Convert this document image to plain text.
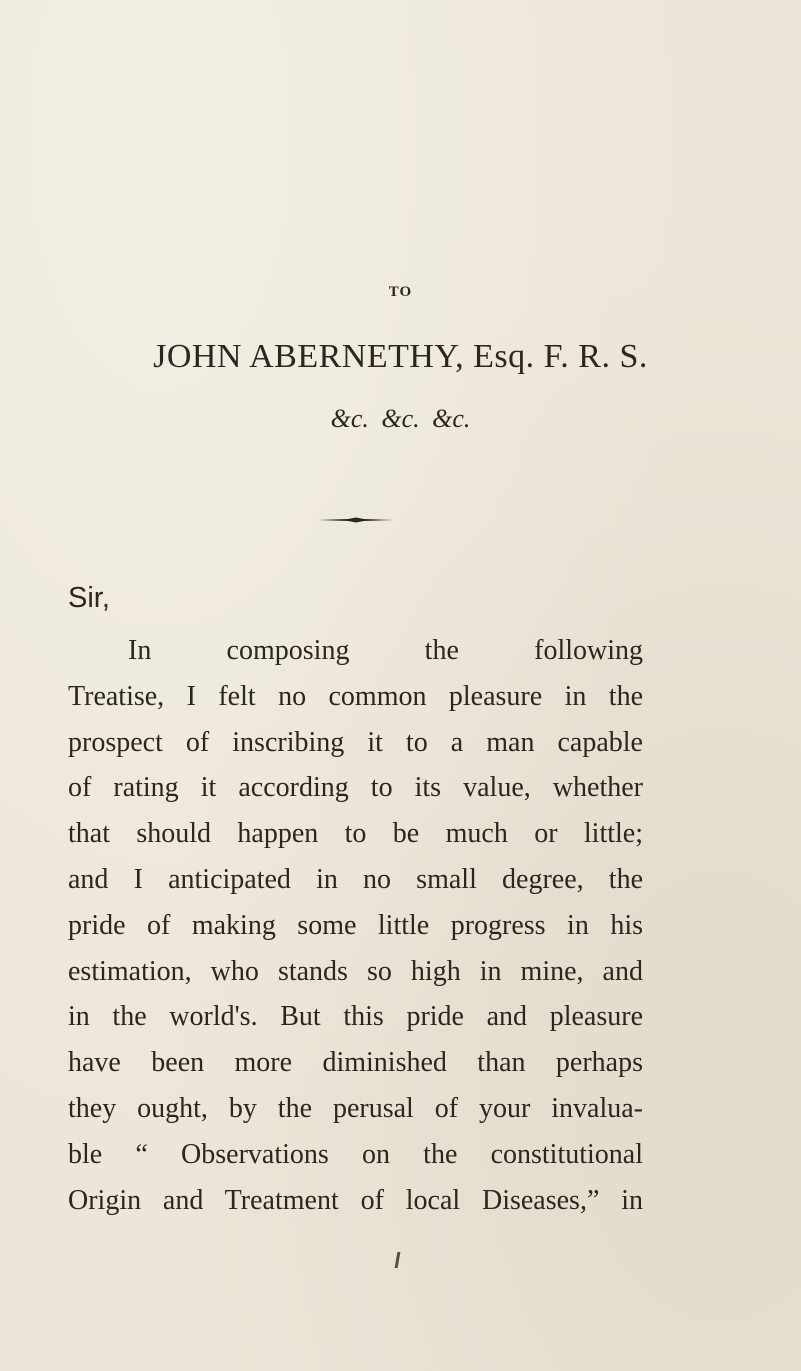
TO
JOHN ABERNETHY, Esq. F. R. S.
&c. &c. &c.
Sir,
In composing the following
Treatise, I felt no common pleasure in the
prospect of inscribing it to a man capable
of rating it according to its value, whether
that should happen to be much or little;
and I anticipated in no small degree, the
pride of making some little progress in his
estimation, who stands so high in mine, and
in the world's. But this pride and pleasure
have been more diminished than perhaps
they ought, by the perusal of your invalua-
ble “ Observations on the constitutional
Origin and Treatment of local Diseases,” in
